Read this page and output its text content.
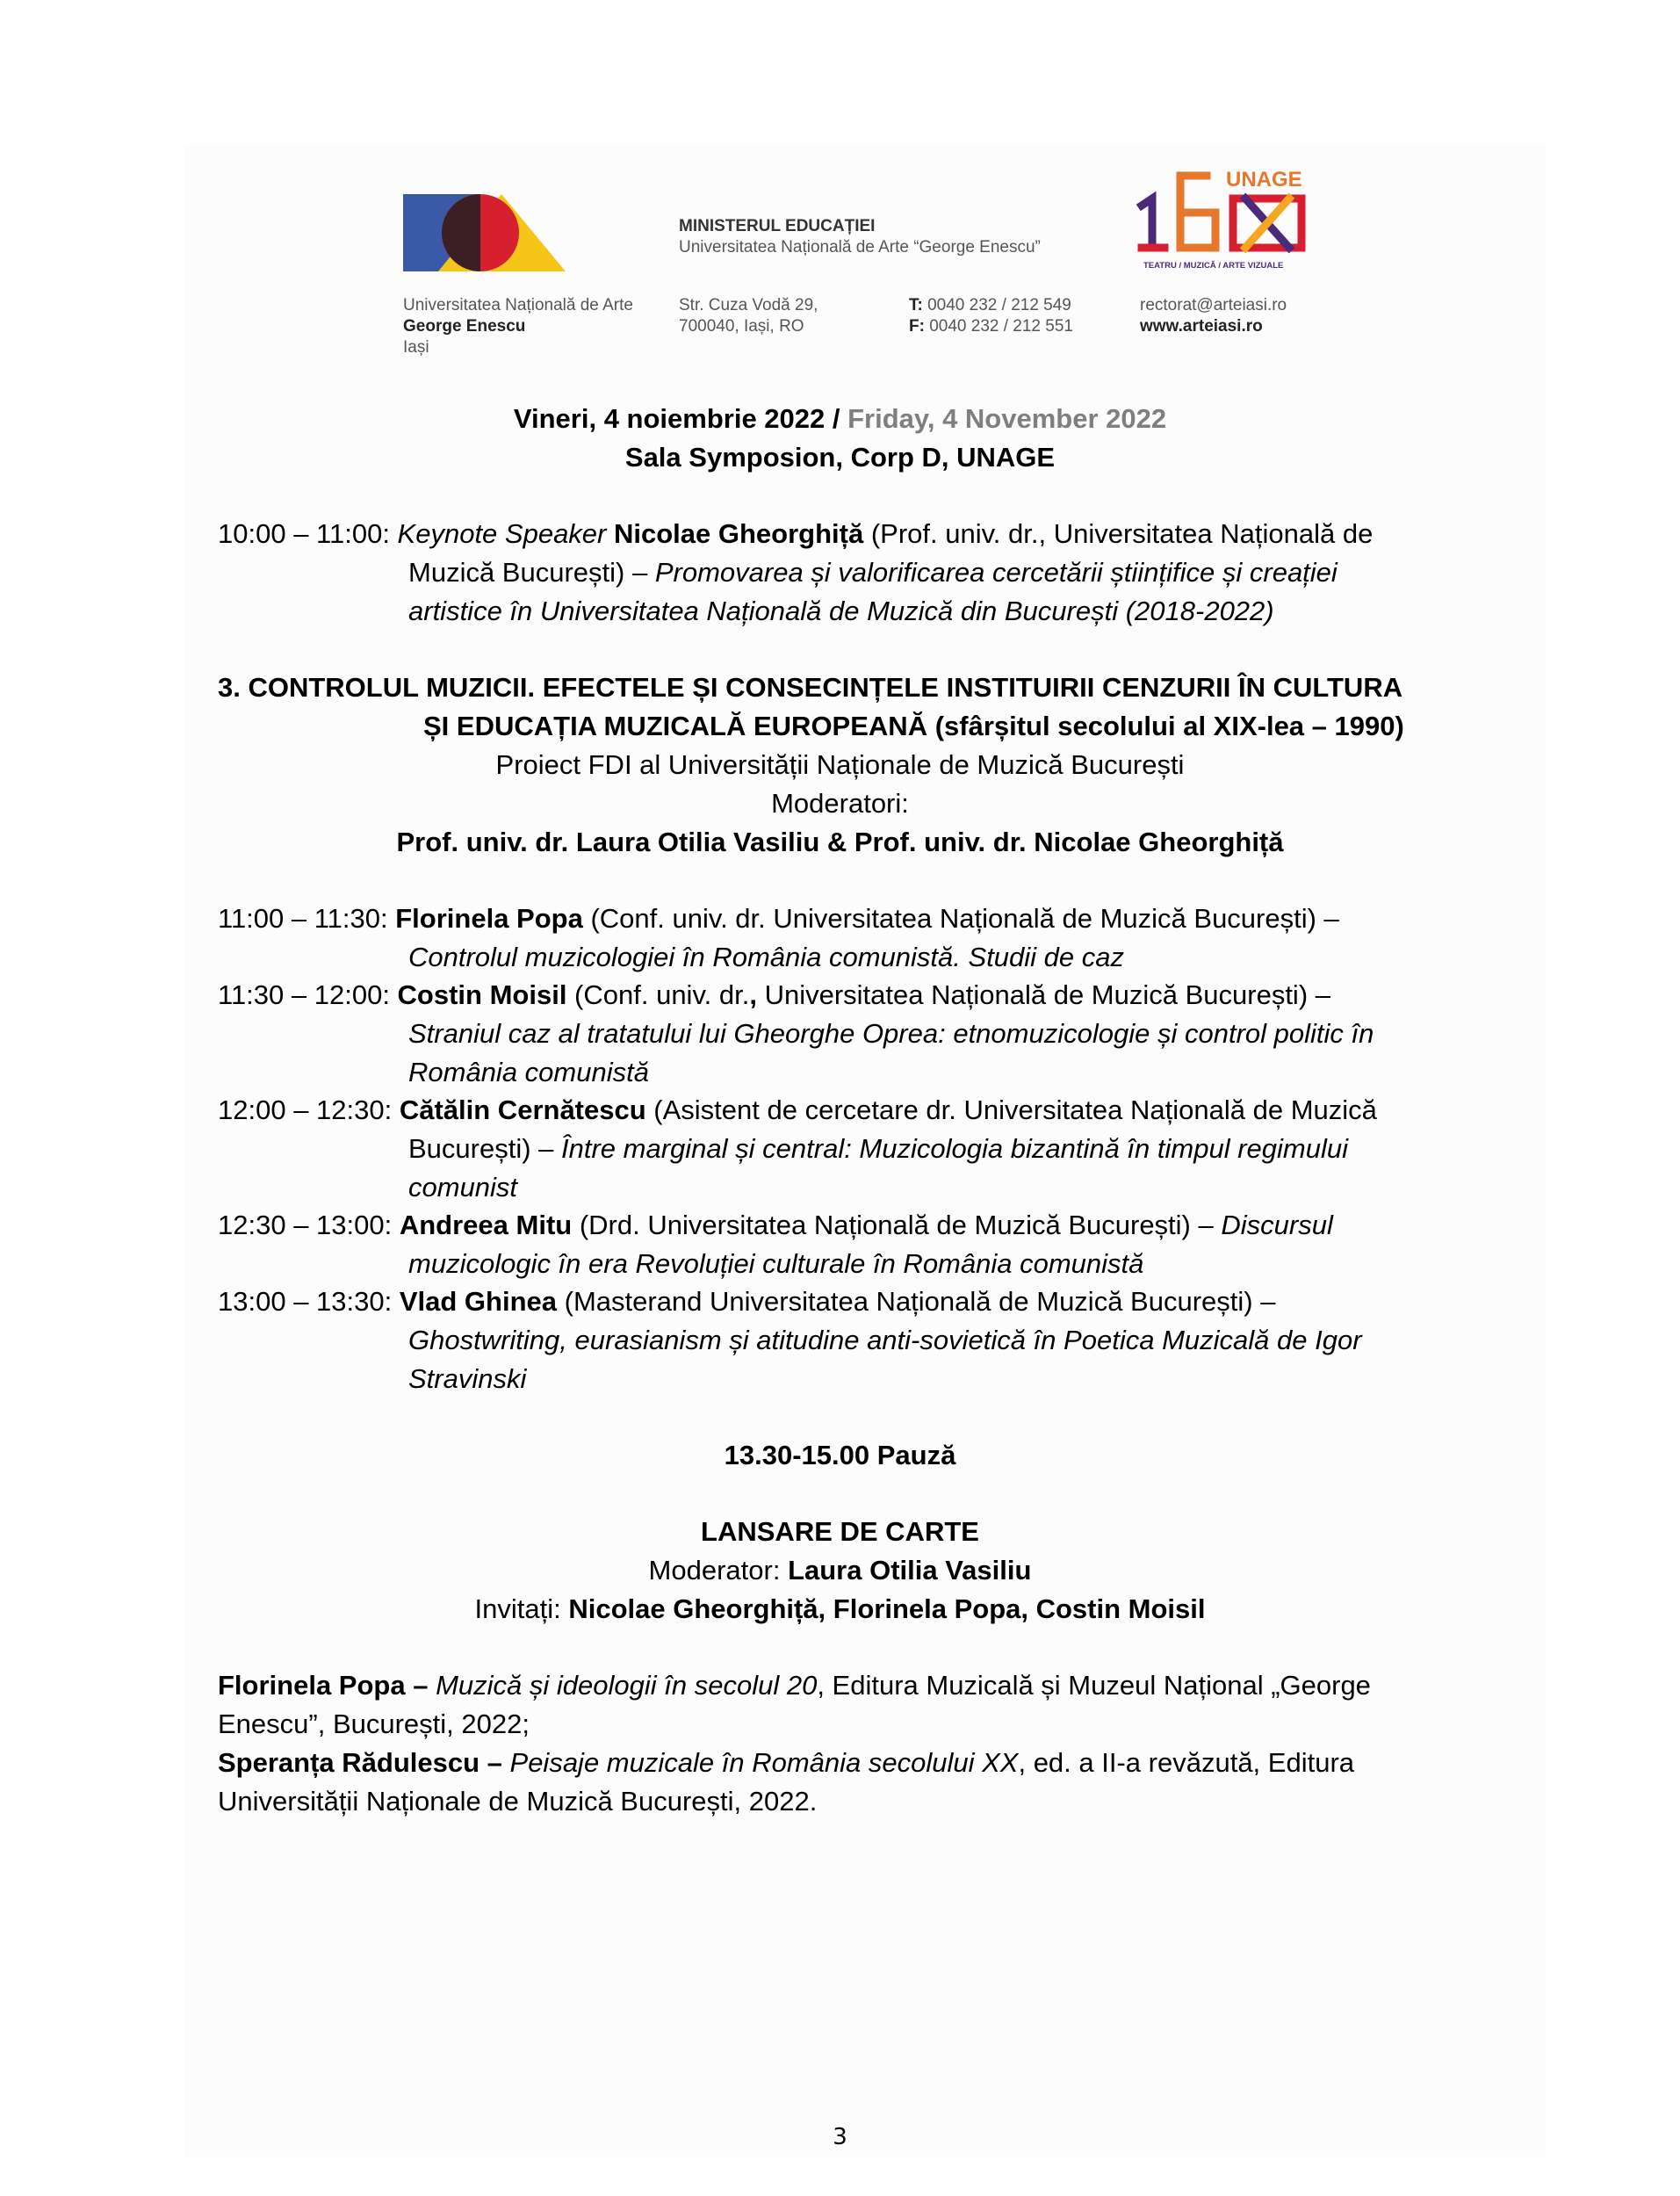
Universitatea Națională de Arte
George Enescu
Iași
MINISTERUL EDUCAȚIEI
Universitatea Națională de Arte “George Enescu”
Str. Cuza Vodă 29,
700040, Iași, RO
T: 0040 232 / 212 549
F: 0040 232 / 212 551
rectorat@arteiasi.ro
www.arteiasi.ro
UNAGE
TEATRU / MUZICĂ / ARTE VIZUALE
Vineri, 4 noiembrie 2022 / Friday, 4 November 2022
Sala Symposion, Corp D, UNAGE
10:00 – 11:00: Keynote Speaker Nicolae Gheorghiță (Prof. univ. dr., Universitatea Națională de
Muzică București) – Promovarea și valorificarea cercetării științifice și creației
artistice în Universitatea Națională de Muzică din București (2018-2022)
3. CONTROLUL MUZICII. EFECTELE ȘI CONSECINȚELE INSTITUIRII CENZURII ÎN CULTURA
ȘI EDUCAȚIA MUZICALĂ EUROPEANĂ (sfârșitul secolului al XIX-lea – 1990)
Proiect FDI al Universității Naționale de Muzică București
Moderatori:
Prof. univ. dr. Laura Otilia Vasiliu & Prof. univ. dr. Nicolae Gheorghiță
11:00 – 11:30: Florinela Popa (Conf. univ. dr. Universitatea Națională de Muzică București) –
Controlul muzicologiei în România comunistă. Studii de caz
11:30 – 12:00: Costin Moisil (Conf. univ. dr., Universitatea Națională de Muzică București) –
Straniul caz al tratatului lui Gheorghe Oprea: etnomuzicologie și control politic în
România comunistă
12:00 – 12:30: Cătălin Cernătescu (Asistent de cercetare dr. Universitatea Națională de Muzică
București) – Între marginal și central: Muzicologia bizantină în timpul regimului
comunist
12:30 – 13:00: Andreea Mitu (Drd. Universitatea Națională de Muzică București) – Discursul
muzicologic în era Revoluției culturale în România comunistă
13:00 – 13:30: Vlad Ghinea (Masterand Universitatea Națională de Muzică București) –
Ghostwriting, eurasianism și atitudine anti-sovietică în Poetica Muzicală de Igor
Stravinski
13.30-15.00 Pauză
LANSARE DE CARTE
Moderator: Laura Otilia Vasiliu
Invitați: Nicolae Gheorghiță, Florinela Popa, Costin Moisil
Florinela Popa – Muzică și ideologii în secolul 20, Editura Muzicală și Muzeul Național „George
Enescu”, București, 2022;
Speranța Rădulescu – Peisaje muzicale în România secolului XX, ed. a II-a revăzută, Editura
Universității Naționale de Muzică București, 2022.
3
